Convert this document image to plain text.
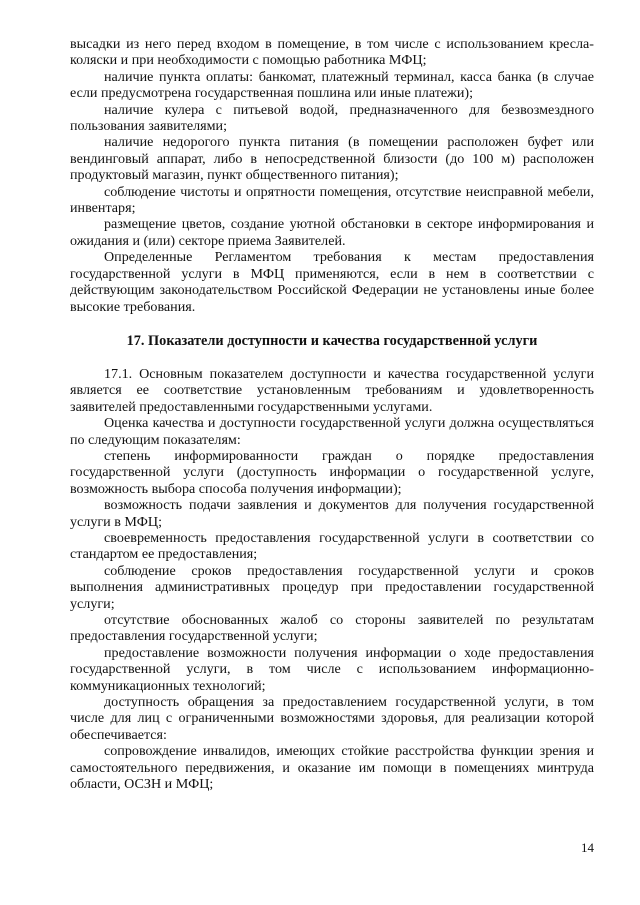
высадки из него перед входом в помещение, в том числе с использованием кресла-коляски и при необходимости с помощью работника МФЦ;

наличие пункта оплаты: банкомат, платежный терминал, касса банка (в случае если предусмотрена государственная пошлина или иные платежи);

наличие кулера с питьевой водой, предназначенного для безвозмездного пользования заявителями;

наличие недорогого пункта питания (в помещении расположен буфет или вендинговый аппарат, либо в непосредственной близости (до 100 м) расположен продуктовый магазин, пункт общественного питания);

соблюдение чистоты и опрятности помещения, отсутствие неисправной мебели, инвентаря;

размещение цветов, создание уютной обстановки в секторе информирования и ожидания и (или) секторе приема Заявителей.

Определенные Регламентом требования к местам предоставления государственной услуги в МФЦ применяются, если в нем в соответствии с действующим законодательством Российской Федерации не установлены иные более высокие требования.

17. Показатели доступности и качества государственной услуги

17.1. Основным показателем доступности и качества государственной услуги является ее соответствие установленным требованиям и удовлетворенность заявителей предоставленными государственными услугами.

Оценка качества и доступности государственной услуги должна осуществляться по следующим показателям:

степень информированности граждан о порядке предоставления государственной услуги (доступность информации о государственной услуге, возможность выбора способа получения информации);

возможность подачи заявления и документов для получения государственной услуги в МФЦ;

своевременность предоставления государственной услуги в соответствии со стандартом ее предоставления;

соблюдение сроков предоставления государственной услуги и сроков выполнения административных процедур при предоставлении государственной услуги;

отсутствие обоснованных жалоб со стороны заявителей по результатам предоставления государственной услуги;

предоставление возможности получения информации о ходе предоставления государственной услуги, в том числе с использованием информационно-коммуникационных технологий;

доступность обращения за предоставлением государственной услуги, в том числе для лиц с ограниченными возможностями здоровья, для реализации которой обеспечивается:

сопровождение инвалидов, имеющих стойкие расстройства функции зрения и самостоятельного передвижения, и оказание им помощи в помещениях минтруда области, ОСЗН и МФЦ;

14
